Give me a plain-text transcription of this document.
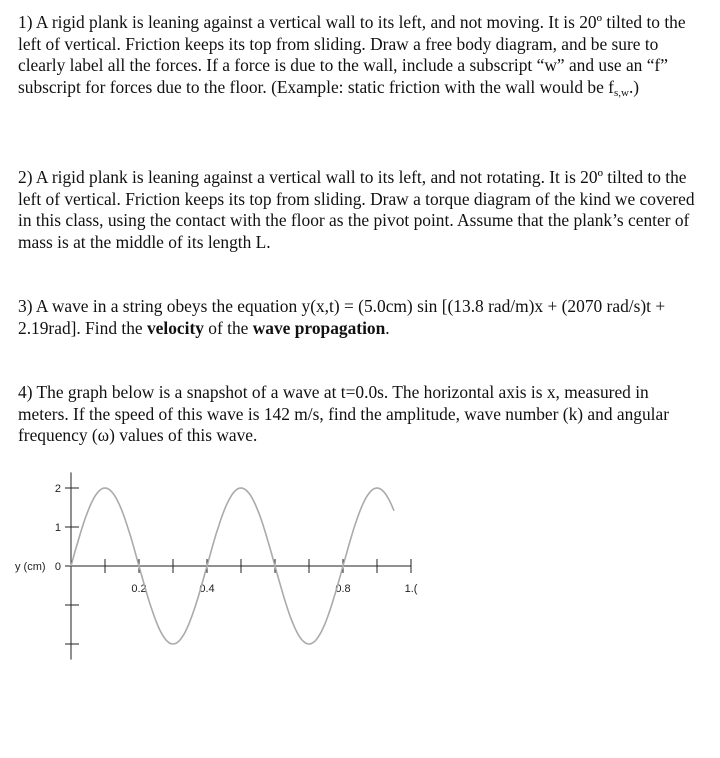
1) A rigid plank is leaning against a vertical wall to its left, and not moving. It is 20º tilted to the left of vertical. Friction keeps its top from sliding. Draw a free body diagram, and be sure to clearly label all the forces. If a force is due to the wall, include a subscript “w” and use an “f” subscript for forces due to the floor. (Example: static friction with the wall would be $f_{s,w}$.)

2) A rigid plank is leaning against a vertical wall to its left, and not rotating. It is 20º tilted to the left of vertical. Friction keeps its top from sliding. Draw a torque diagram of the kind we covered in this class, using the contact with the floor as the pivot point. Assume that the plank’s center of mass is at the middle of its length L.

3) A wave in a string obeys the equation y(x,t) = (5.0cm) sin [(13.8 rad/m)x + (2070 rad/s)t + 2.19rad]. Find the velocity of the wave propagation.

4) The graph below is a snapshot of a wave at t=0.0s. The horizontal axis is x, measured in meters. If the speed of this wave is 142 m/s, find the amplitude, wave number (k) and angular frequency (ω) values of this wave.

2
1
0
0.2	0.4	0.8	1.(
y (cm)
